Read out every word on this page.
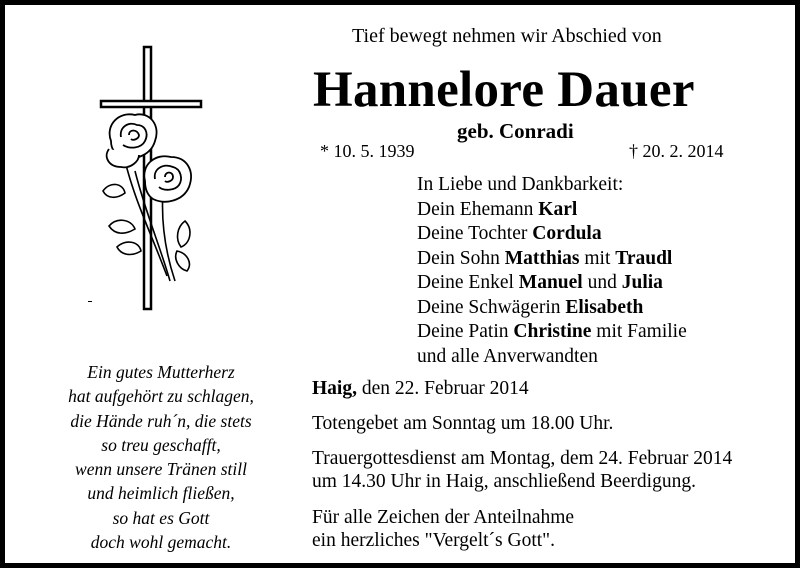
Tief bewegt nehmen wir Abschied von
Hannelore Dauer
geb. Conradi
* 10. 5. 1939	† 20. 2. 2014
In Liebe und Dankbarkeit:
Dein Ehemann Karl
Deine Tochter Cordula
Dein Sohn Matthias mit Traudl
Deine Enkel Manuel und Julia
Deine Schwägerin Elisabeth
Deine Patin Christine mit Familie
und alle Anverwandten
Ein gutes Mutterherz
hat aufgehört zu schlagen,
die Hände ruh´n, die stets
so treu geschafft,
wenn unsere Tränen still
und heimlich fließen,
so hat es Gott
doch wohl gemacht.
Haig, den 22. Februar 2014
Totengebet am Sonntag um 18.00 Uhr.
Trauergottesdienst am Montag, dem 24. Februar 2014
um 14.30 Uhr in Haig, anschließend Beerdigung.
Für alle Zeichen der Anteilnahme
ein herzliches "Vergelt´s Gott".
